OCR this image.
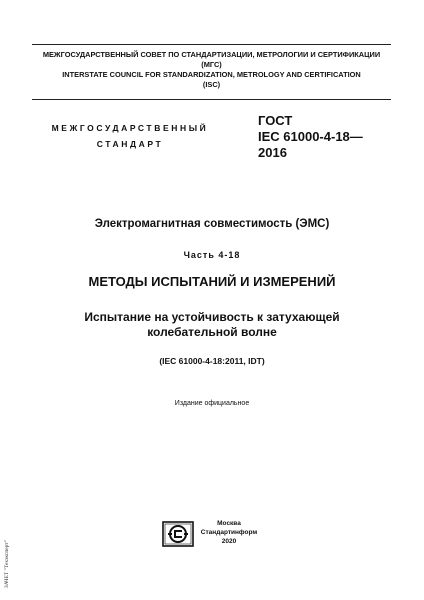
МЕЖГОСУДАРСТВЕННЫЙ СОВЕТ ПО СТАНДАРТИЗАЦИИ, МЕТРОЛОГИИ И СЕРТИФИКАЦИИ
(МГС)
INTERSTATE COUNCIL FOR STANDARDIZATION, METROLOGY AND CERTIFICATION
(ISC)
МЕЖГОСУДАРСТВЕННЫЙ
СТАНДАРТ
ГОСТ
IEC 61000-4-18—
2016
Электромагнитная совместимость (ЭМС)
Часть 4-18
МЕТОДЫ ИСПЫТАНИЙ И ИЗМЕРЕНИЙ
Испытание на устойчивость к затухающей
колебательной волне
(IEC 61000-4-18:2011, IDT)
Издание официальное
Москва
Стандартинформ
2020
ЗАЧЕТ "Техэксперт"
